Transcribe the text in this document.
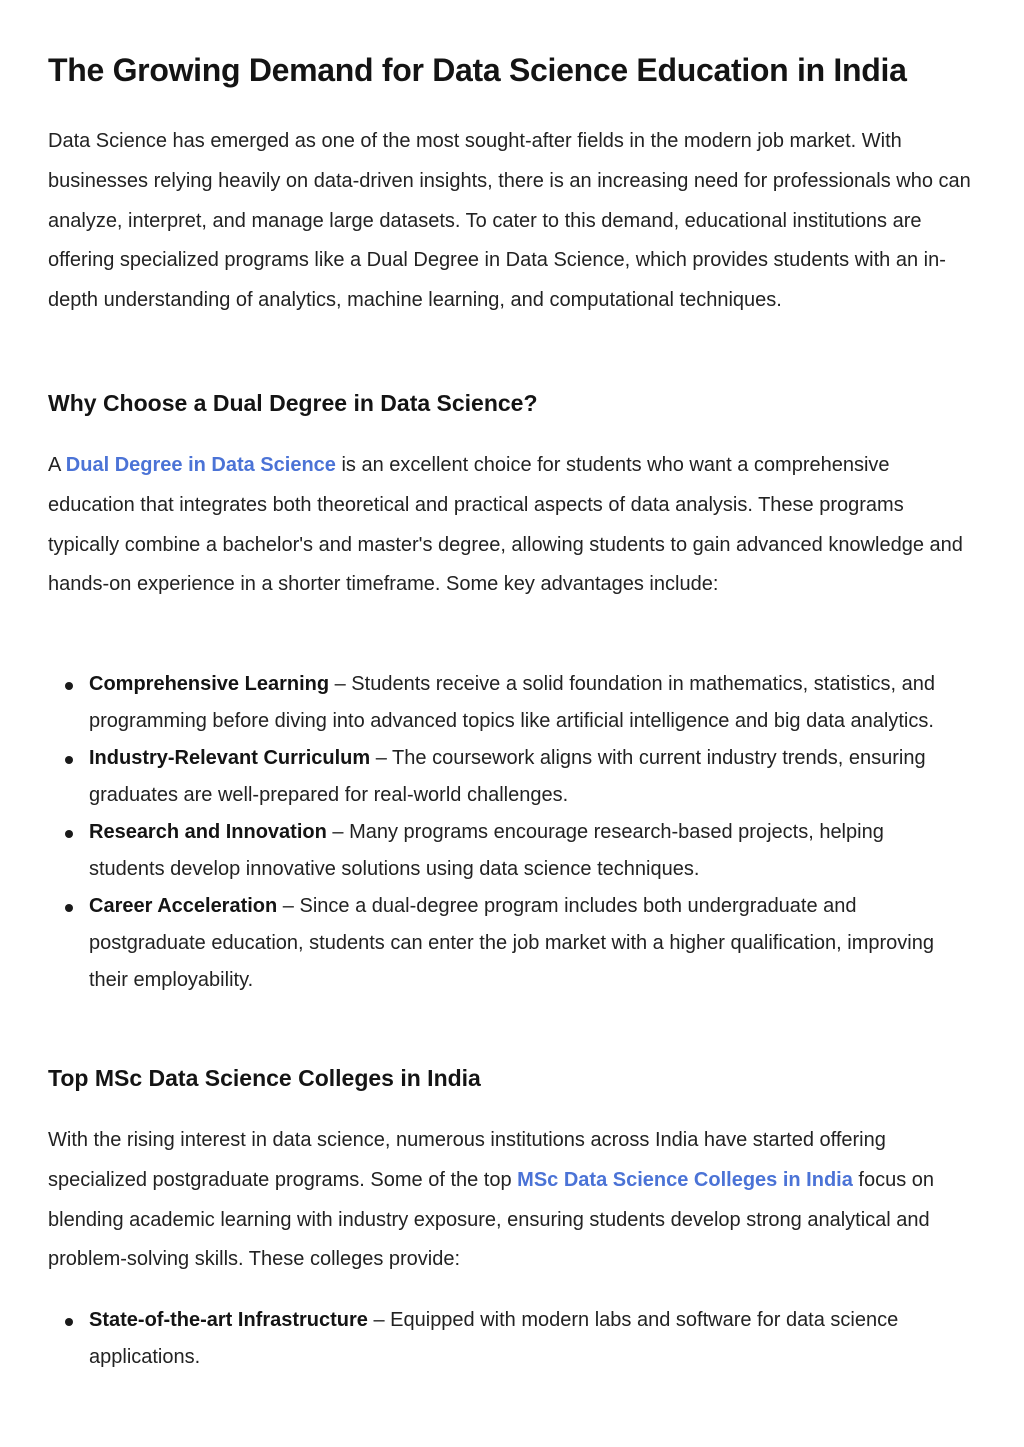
The Growing Demand for Data Science Education in India

Data Science has emerged as one of the most sought-after fields in the modern job market. With businesses relying heavily on data-driven insights, there is an increasing need for professionals who can analyze, interpret, and manage large datasets. To cater to this demand, educational institutions are offering specialized programs like a Dual Degree in Data Science, which provides students with an in-depth understanding of analytics, machine learning, and computational techniques.

Why Choose a Dual Degree in Data Science?

A Dual Degree in Data Science is an excellent choice for students who want a comprehensive education that integrates both theoretical and practical aspects of data analysis. These programs typically combine a bachelor's and master's degree, allowing students to gain advanced knowledge and hands-on experience in a shorter timeframe. Some key advantages include:

Comprehensive Learning – Students receive a solid foundation in mathematics, statistics, and programming before diving into advanced topics like artificial intelligence and big data analytics.
Industry-Relevant Curriculum – The coursework aligns with current industry trends, ensuring graduates are well-prepared for real-world challenges.
Research and Innovation – Many programs encourage research-based projects, helping students develop innovative solutions using data science techniques.
Career Acceleration – Since a dual-degree program includes both undergraduate and postgraduate education, students can enter the job market with a higher qualification, improving their employability.
Top MSc Data Science Colleges in India

With the rising interest in data science, numerous institutions across India have started offering specialized postgraduate programs. Some of the top MSc Data Science Colleges in India focus on blending academic learning with industry exposure, ensuring students develop strong analytical and problem-solving skills. These colleges provide:

State-of-the-art Infrastructure – Equipped with modern labs and software for data science applications.
